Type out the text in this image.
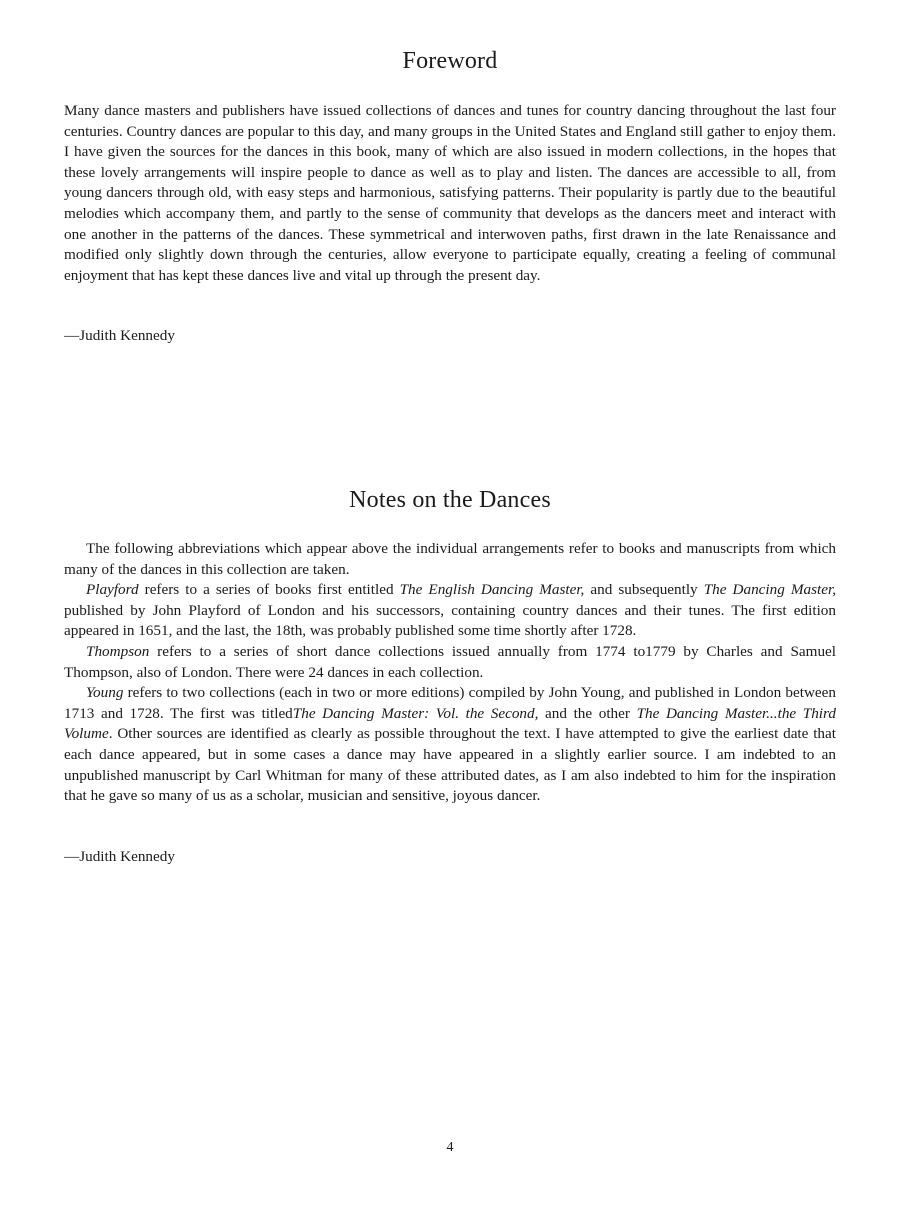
Foreword

Many dance masters and publishers have issued collections of dances and tunes for country dancing throughout the last four centuries. Country dances are popular to this day, and many groups in the United States and England still gather to enjoy them. I have given the sources for the dances in this book, many of which are also issued in modern collections, in the hopes that these lovely arrangements will inspire people to dance as well as to play and listen. The dances are accessible to all, from young dancers through old, with easy steps and harmonious, satisfying patterns. Their popularity is partly due to the beautiful melodies which accompany them, and partly to the sense of community that develops as the dancers meet and interact with one another in the patterns of the dances. These symmetrical and interwoven paths, first drawn in the late Renaissance and modified only slightly down through the centuries, allow everyone to participate equally, creating a feeling of communal enjoyment that has kept these dances live and vital up through the present day.

—Judith Kennedy

Notes on the Dances

The following abbreviations which appear above the individual arrangements refer to books and manuscripts from which many of the dances in this collection are taken.

Playford refers to a series of books first entitled The English Dancing Master, and subsequently The Dancing Master, published by John Playford of London and his successors, containing country dances and their tunes. The first edition appeared in 1651, and the last, the 18th, was probably published some time shortly after 1728.

Thompson refers to a series of short dance collections issued annually from 1774 to1779 by Charles and Samuel Thompson, also of London. There were 24 dances in each collection.

Young refers to two collections (each in two or more editions) compiled by John Young, and published in London between 1713 and 1728. The first was titledThe Dancing Master: Vol. the Second, and the other The Dancing Master...the Third Volume. Other sources are identified as clearly as possible throughout the text. I have attempted to give the earliest date that each dance appeared, but in some cases a dance may have appeared in a slightly earlier source. I am indebted to an unpublished manuscript by Carl Whitman for many of these attributed dates, as I am also indebted to him for the inspiration that he gave so many of us as a scholar, musician and sensitive, joyous dancer.

—Judith Kennedy

4
